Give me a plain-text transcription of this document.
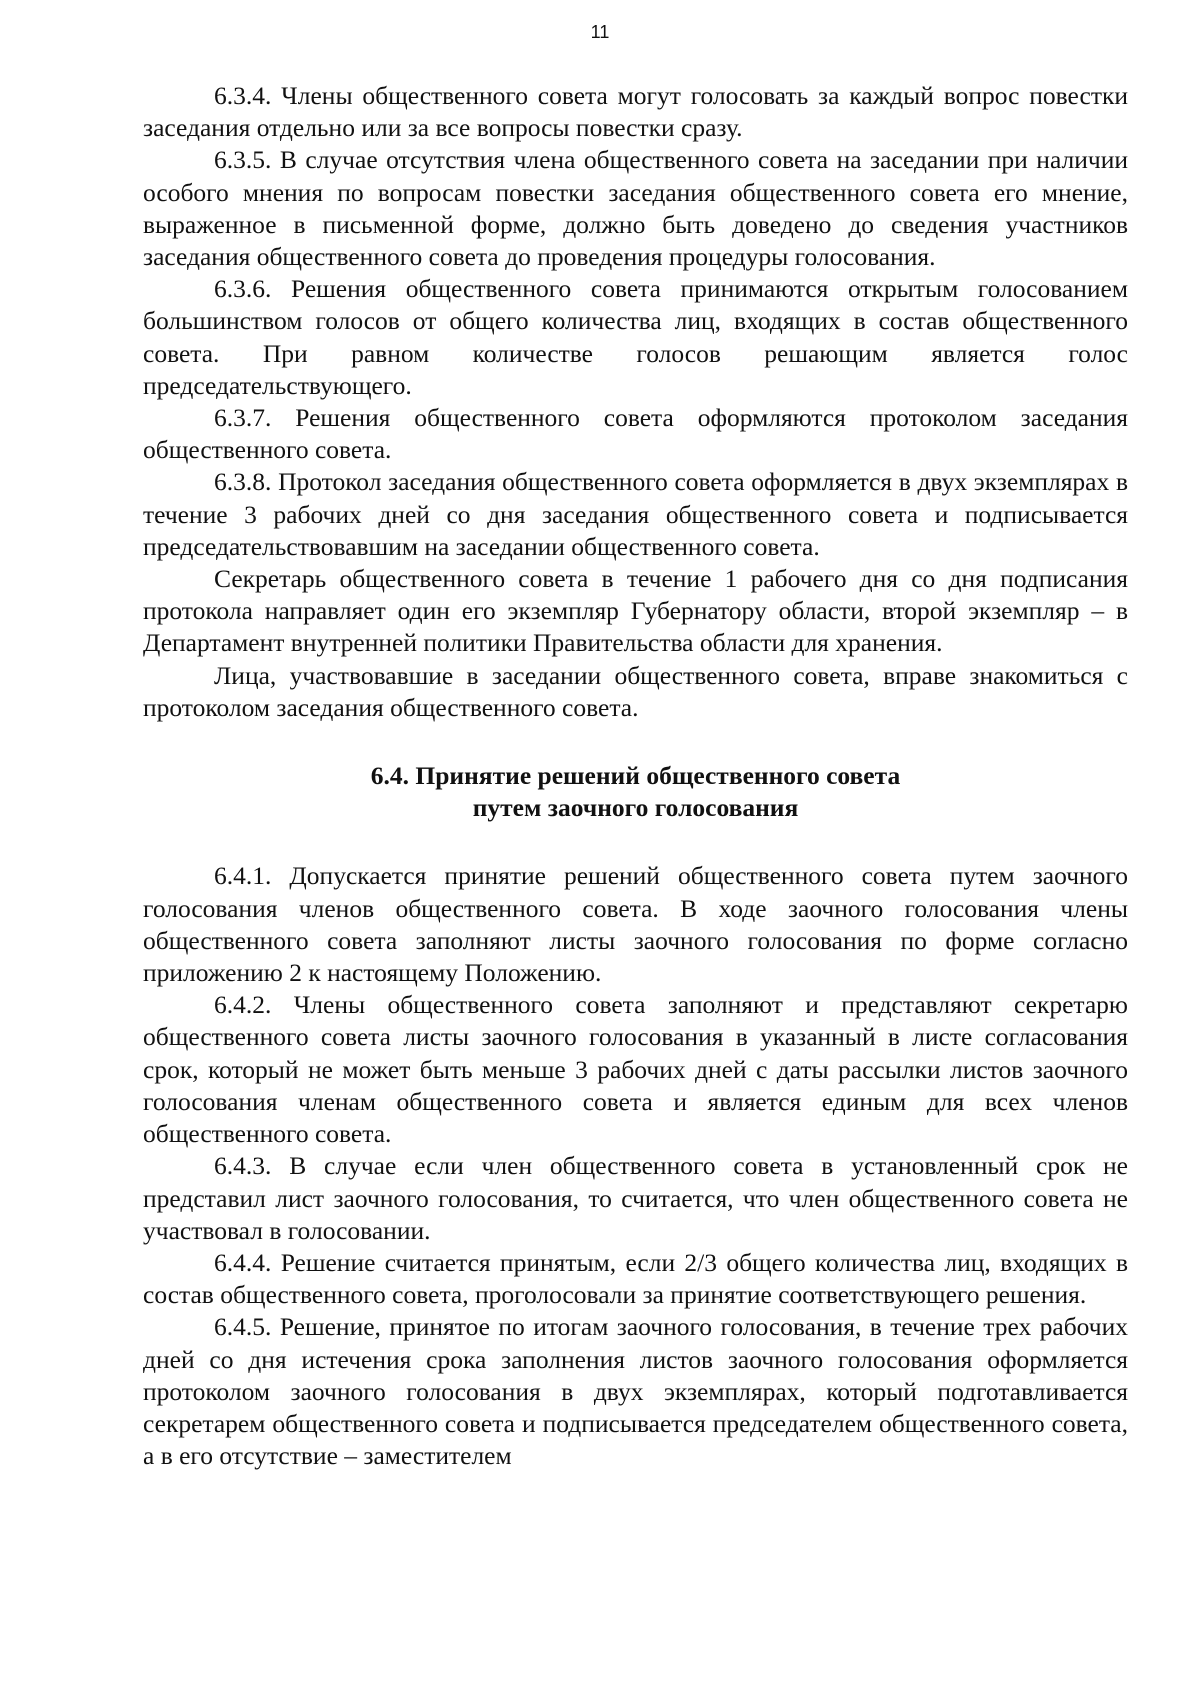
11

6.3.4. Члены общественного совета могут голосовать за каждый вопрос повестки заседания отдельно или за все вопросы повестки сразу.

6.3.5. В случае отсутствия члена общественного совета на заседании при наличии особого мнения по вопросам повестки заседания общественного совета его мнение, выраженное в письменной форме, должно быть доведено до сведения участников заседания общественного совета до проведения процедуры голосования.

6.3.6. Решения общественного совета принимаются открытым голосованием большинством голосов от общего количества лиц, входящих в состав общественного совета. При равном количестве голосов решающим является голос председательствующего.

6.3.7. Решения общественного совета оформляются протоколом заседания общественного совета.

6.3.8. Протокол заседания общественного совета оформляется в двух экземплярах в течение 3 рабочих дней со дня заседания общественного совета и подписывается председательствовавшим на заседании общественного совета.

Секретарь общественного совета в течение 1 рабочего дня со дня подписания протокола направляет один его экземпляр Губернатору области, второй экземпляр – в Департамент внутренней политики Правительства области для хранения.

Лица, участвовавшие в заседании общественного совета, вправе знакомиться с протоколом заседания общественного совета.

6.4. Принятие решений общественного совета
путем заочного голосования

6.4.1. Допускается принятие решений общественного совета путем заочного голосования членов общественного совета. В ходе заочного голосования члены общественного совета заполняют листы заочного голосования по форме согласно приложению 2 к настоящему Положению.

6.4.2. Члены общественного совета заполняют и представляют секретарю общественного совета листы заочного голосования в указанный в листе согласования срок, который не может быть меньше 3 рабочих дней с даты рассылки листов заочного голосования членам общественного совета и является единым для всех членов общественного совета.

6.4.3. В случае если член общественного совета в установленный срок не представил лист заочного голосования, то считается, что член общественного совета не участвовал в голосовании.

6.4.4. Решение считается принятым, если 2/3 общего количества лиц, входящих в состав общественного совета, проголосовали за принятие соответствующего решения.

6.4.5. Решение, принятое по итогам заочного голосования, в течение трех рабочих дней со дня истечения срока заполнения листов заочного голосования оформляется протоколом заочного голосования в двух экземплярах, который подготавливается секретарем общественного совета и подписывается председателем общественного совета, а в его отсутствие – заместителем
